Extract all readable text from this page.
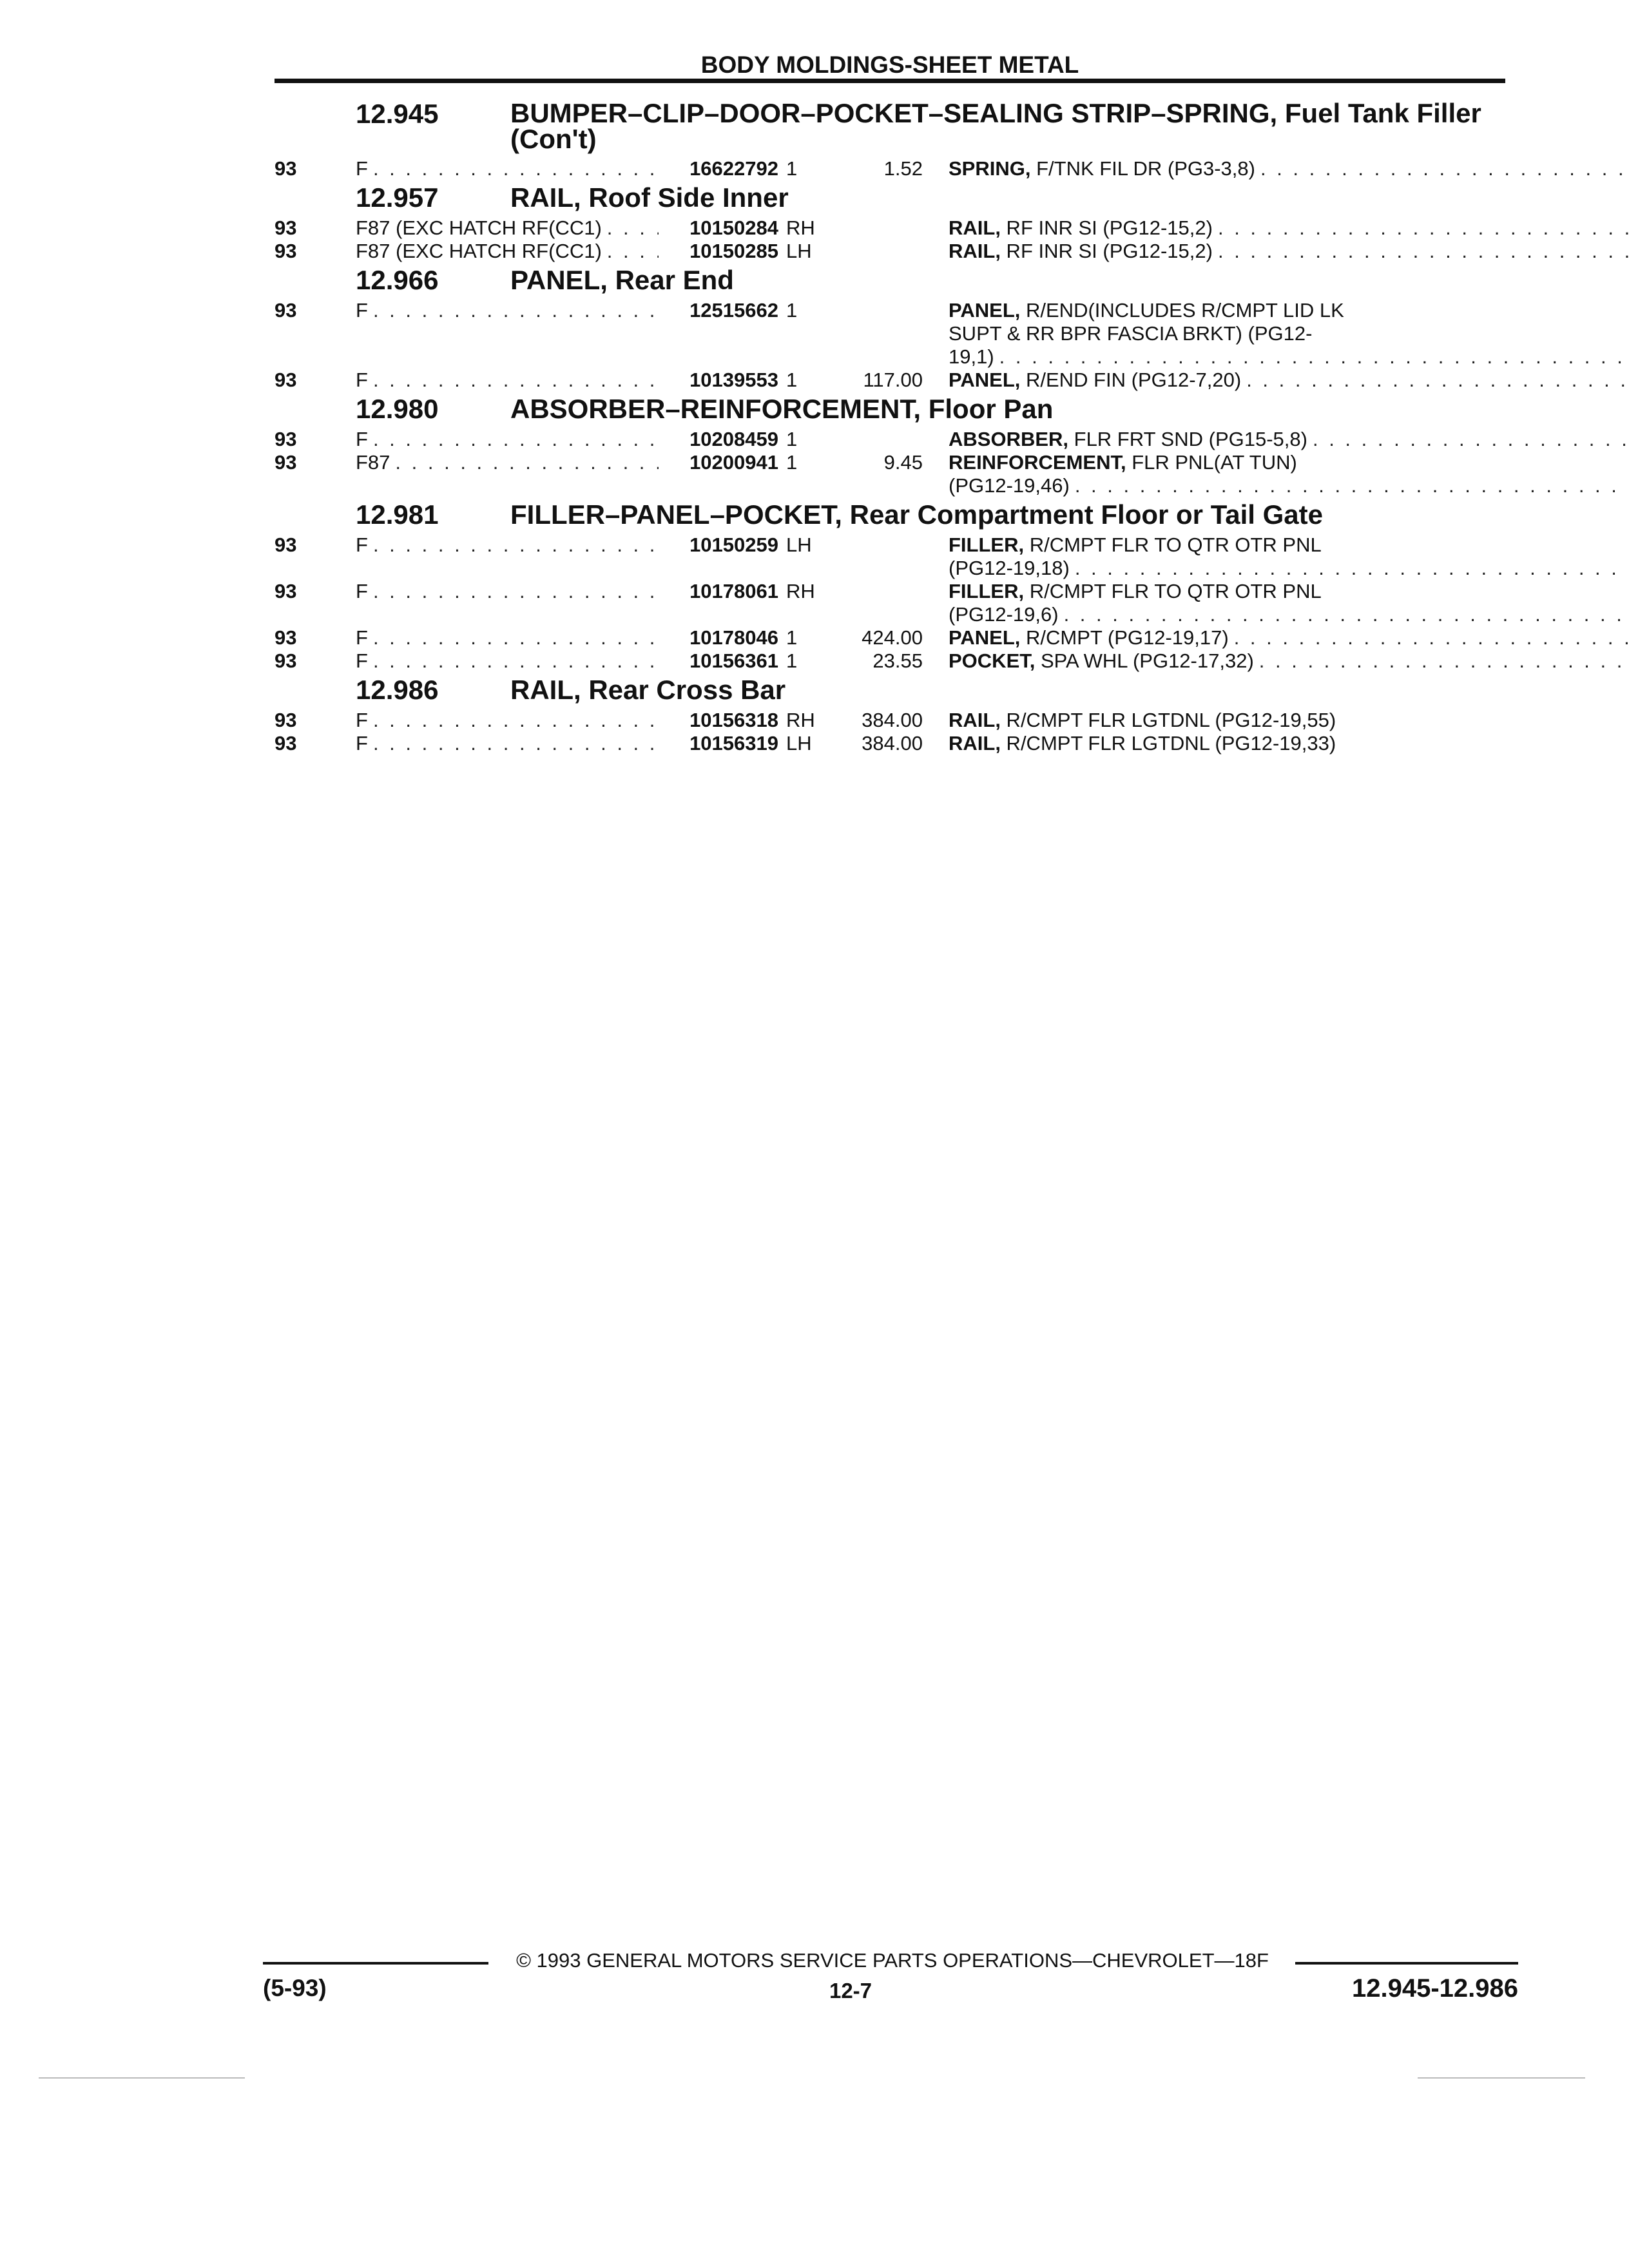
BODY MOLDINGS-SHEET METAL
12.945	BUMPER–CLIP–DOOR–POCKET–SEALING STRIP–SPRING, Fuel Tank Filler (Con't)
93	F . . .	16622792 1	1.52 SPRING, F/TNK FIL DR (PG3-3,8)
. . .
12.957	RAIL, Roof Side Inner
93	F87 (EXC HATCH RF(CC1) . . .	10150284 RH	RAIL, RF INR SI (PG12-15,2)
. . .
93	F87 (EXC HATCH RF(CC1) . . .	10150285 LH	RAIL, RF INR SI (PG12-15,2)
. . .
12.966	PANEL, Rear End
93	F . . .	12515662 1	PANEL, R/END(INCLUDES R/CMPT LID LK
SUPT & RR BPR FASCIA BRKT) (PG12-
19,1)
. . .
93	F . . .	10139553 1	117.00 PANEL, R/END FIN (PG12-7,20)
. . .
12.980	ABSORBER–REINFORCEMENT, Floor Pan
93	F . . .	10208459 1	ABSORBER, FLR FRT SND (PG15-5,8)
. . .
93	F87 . . .	10200941 1	9.45 REINFORCEMENT, FLR PNL(AT TUN)
(PG12-19,46)
. . .
12.981	FILLER–PANEL–POCKET, Rear Compartment Floor or Tail Gate
93	F . . .	10150259 LH	FILLER, R/CMPT FLR TO QTR OTR PNL
(PG12-19,18)
. . .
93	F . . .	10178061 RH	FILLER, R/CMPT FLR TO QTR OTR PNL
(PG12-19,6)
. . .
93	F . . .	10178046 1	424.00 PANEL, R/CMPT (PG12-19,17)
. . .
93	F . . .	10156361 1	23.55 POCKET, SPA WHL (PG12-17,32)
. . .
12.986	RAIL, Rear Cross Bar
93	F . . .	10156318 RH	384.00 RAIL, R/CMPT FLR LGTDNL (PG12-19,55)
93	F . . .	10156319 LH	384.00 RAIL, R/CMPT FLR LGTDNL (PG12-19,33)
© 1993 GENERAL MOTORS SERVICE PARTS OPERATIONS—CHEVROLET—18F
(5-93)	12-7	12.945-12.986
